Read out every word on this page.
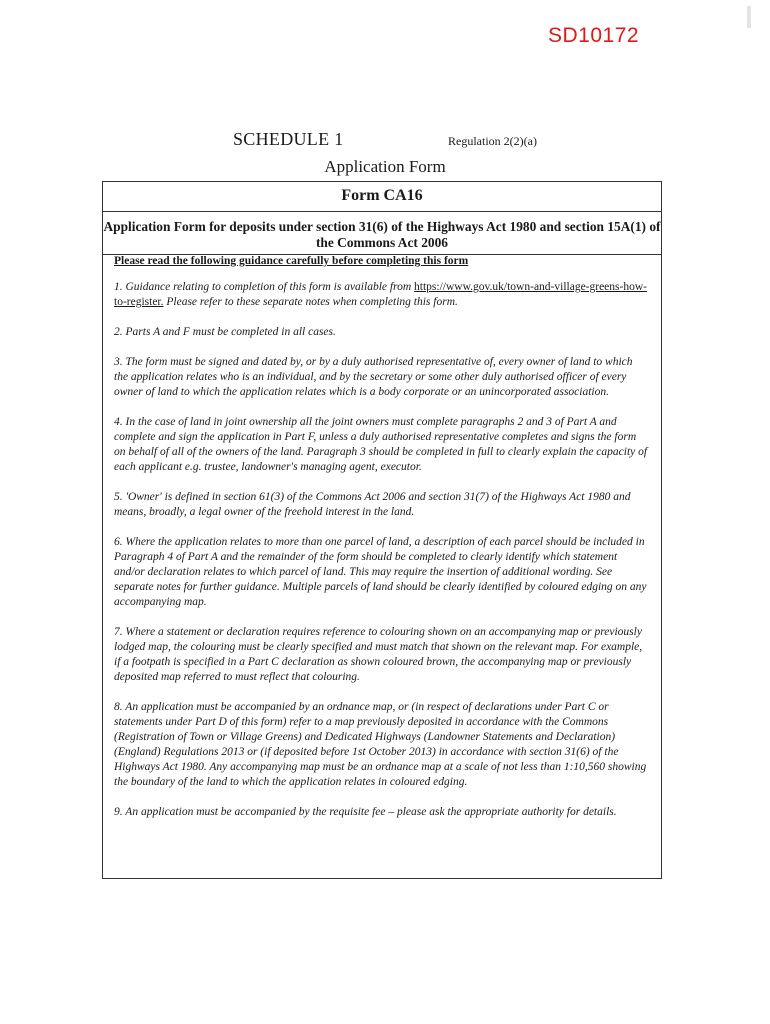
SD10172
SCHEDULE 1	Regulation 2(2)(a)
Application Form
Form CA16
Application Form for deposits under section 31(6) of the Highways Act 1980 and section 15A(1) of the Commons Act 2006
Please read the following guidance carefully before completing this form

1. Guidance relating to completion of this form is available from https://www.gov.uk/town-and-village-greens-how-to-register. Please refer to these separate notes when completing this form.

2. Parts A and F must be completed in all cases.

3. The form must be signed and dated by, or by a duly authorised representative of, every owner of land to which the application relates who is an individual, and by the secretary or some other duly authorised officer of every owner of land to which the application relates which is a body corporate or an unincorporated association.

4. In the case of land in joint ownership all the joint owners must complete paragraphs 2 and 3 of Part A and complete and sign the application in Part F, unless a duly authorised representative completes and signs the form on behalf of all of the owners of the land. Paragraph 3 should be completed in full to clearly explain the capacity of each applicant e.g. trustee, landowner's managing agent, executor.

5. 'Owner' is defined in section 61(3) of the Commons Act 2006 and section 31(7) of the Highways Act 1980 and means, broadly, a legal owner of the freehold interest in the land.

6. Where the application relates to more than one parcel of land, a description of each parcel should be included in Paragraph 4 of Part A and the remainder of the form should be completed to clearly identify which statement and/or declaration relates to which parcel of land. This may require the insertion of additional wording. See separate notes for further guidance. Multiple parcels of land should be clearly identified by coloured edging on any accompanying map.

7. Where a statement or declaration requires reference to colouring shown on an accompanying map or previously lodged map, the colouring must be clearly specified and must match that shown on the relevant map. For example, if a footpath is specified in a Part C declaration as shown coloured brown, the accompanying map or previously deposited map referred to must reflect that colouring.

8. An application must be accompanied by an ordnance map, or (in respect of declarations under Part C or statements under Part D of this form) refer to a map previously deposited in accordance with the Commons (Registration of Town or Village Greens) and Dedicated Highways (Landowner Statements and Declaration) (England) Regulations 2013 or (if deposited before 1st October 2013) in accordance with section 31(6) of the Highways Act 1980. Any accompanying map must be an ordnance map at a scale of not less than 1:10,560 showing the boundary of the land to which the application relates in coloured edging.

9. An application must be accompanied by the requisite fee – please ask the appropriate authority for details.
